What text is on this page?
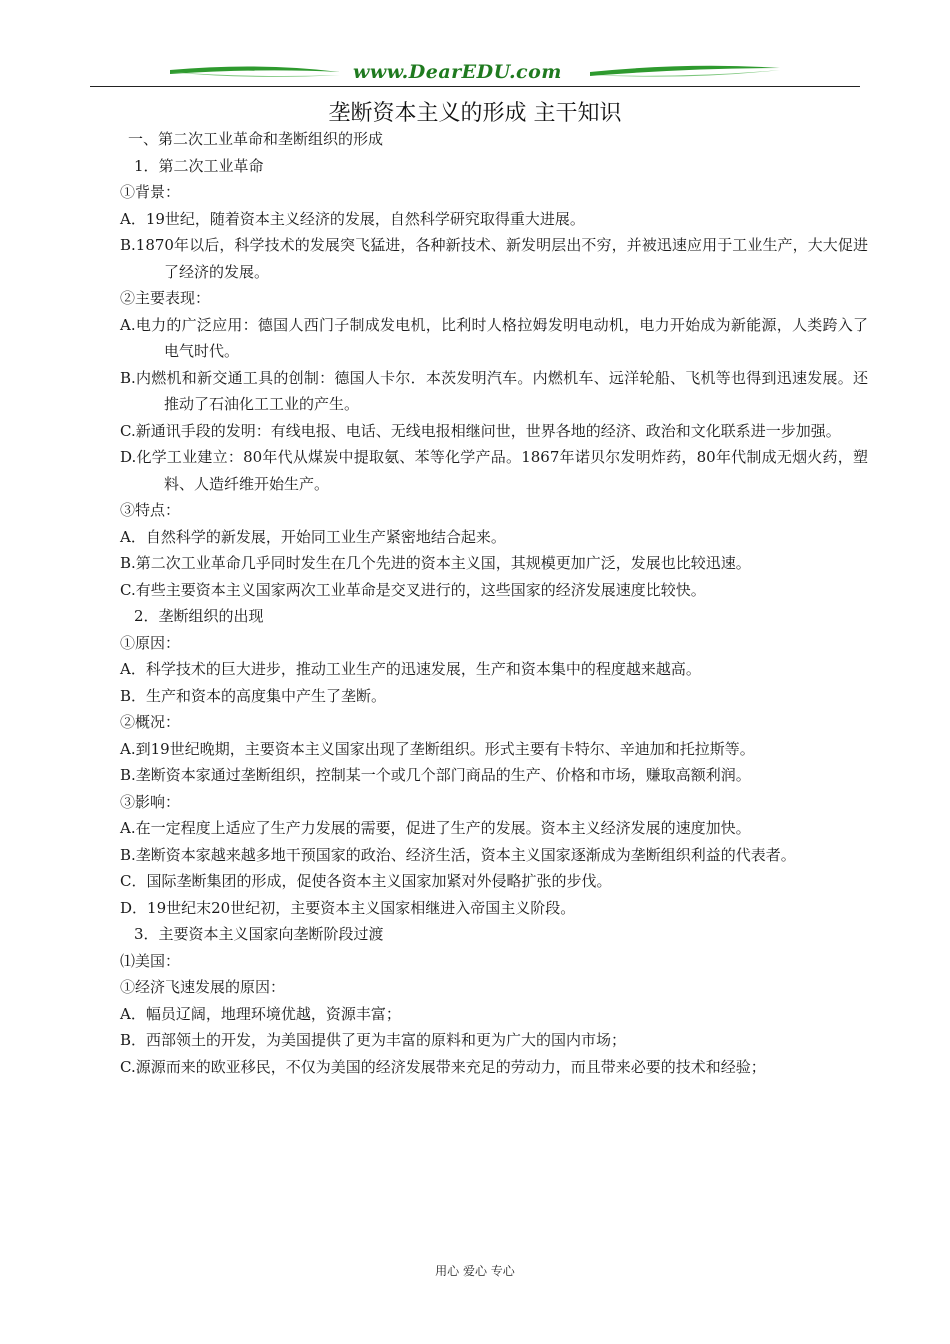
www.DearEDU.com
垄断资本主义的形成 主干知识
一、第二次工业革命和垄断组织的形成
1．第二次工业革命
①背景：
A．19世纪，随着资本主义经济的发展，自然科学研究取得重大进展。
B.1870年以后，科学技术的发展突飞猛进，各种新技术、新发明层出不穷，并被迅速应用于工业生产，大大促进了经济的发展。
②主要表现：
A.电力的广泛应用：德国人西门子制成发电机，比利时人格拉姆发明电动机，电力开始成为新能源，人类跨入了电气时代。
B.内燃机和新交通工具的创制：德国人卡尔．本茨发明汽车。内燃机车、远洋轮船、飞机等也得到迅速发展。还推动了石油化工工业的产生。
C.新通讯手段的发明：有线电报、电话、无线电报相继问世，世界各地的经济、政治和文化联系进一步加强。
D.化学工业建立：80年代从煤炭中提取氨、苯等化学产品。1867年诺贝尔发明炸药，80年代制成无烟火药，塑料、人造纤维开始生产。
③特点：
A．自然科学的新发展，开始同工业生产紧密地结合起来。
B.第二次工业革命几乎同时发生在几个先进的资本主义国，其规模更加广泛，发展也比较迅速。
C.有些主要资本主义国家两次工业革命是交叉进行的，这些国家的经济发展速度比较快。
2．垄断组织的出现
①原因：
A．科学技术的巨大进步，推动工业生产的迅速发展，生产和资本集中的程度越来越高。
B．生产和资本的高度集中产生了垄断。
②概况：
A.到19世纪晚期，主要资本主义国家出现了垄断组织。形式主要有卡特尔、辛迪加和托拉斯等。
B.垄断资本家通过垄断组织，控制某一个或几个部门商品的生产、价格和市场，赚取高额利润。
③影响：
A.在一定程度上适应了生产力发展的需要，促进了生产的发展。资本主义经济发展的速度加快。
B.垄断资本家越来越多地干预国家的政治、经济生活，资本主义国家逐渐成为垄断组织利益的代表者。
C．国际垄断集团的形成，促使各资本主义国家加紧对外侵略扩张的步伐。
D．19世纪末20世纪初，主要资本主义国家相继进入帝国主义阶段。
3．主要资本主义国家向垄断阶段过渡
⑴美国：
①经济飞速发展的原因：
A．幅员辽阔，地理环境优越，资源丰富；
B．西部领土的开发，为美国提供了更为丰富的原料和更为广大的国内市场；
C.源源而来的欧亚移民，不仅为美国的经济发展带来充足的劳动力，而且带来必要的技术和经验；
用心 爱心 专心
